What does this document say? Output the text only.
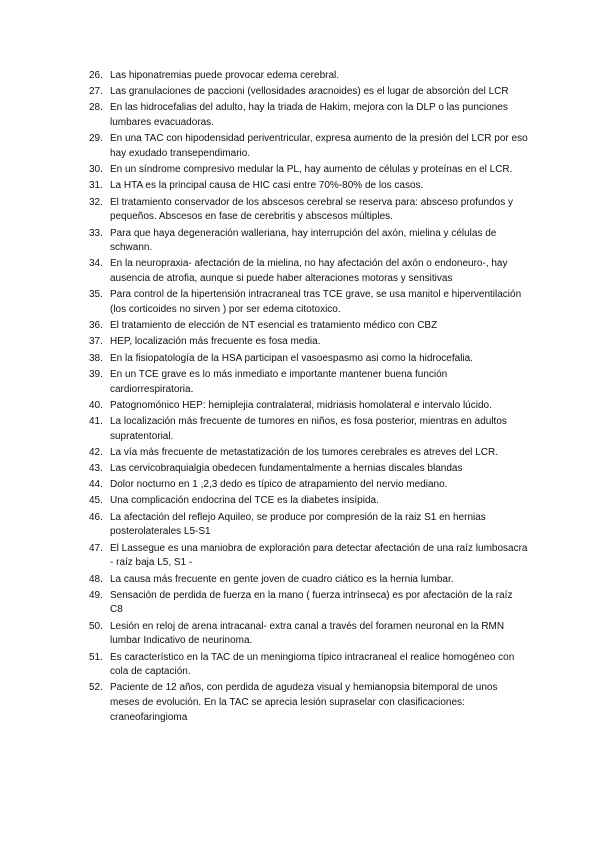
26. Las hiponatremias puede provocar edema cerebral.
27. Las granulaciones de paccioni (vellosidades aracnoides) es el lugar de absorción del LCR
28. En las hidrocefalias del adulto, hay la triada de Hakim, mejora con la DLP o las punciones lumbares evacuadoras.
29. En una TAC con hipodensidad periventricular, expresa aumento de la presión del LCR por eso hay exudado transependimario.
30. En un síndrome compresivo medular la PL, hay aumento de células y proteínas en el LCR.
31. La HTA es la principal causa de HIC casi entre 70%-80% de los casos.
32. El tratamiento conservador de los abscesos cerebral se reserva para: absceso profundos y pequeños. Abscesos en fase de cerebritis y abscesos múltiples.
33. Para que haya degeneración walleriana, hay interrupción del axón, mielina y células de schwann.
34. En la neuropraxia- afectación de la mielina, no hay afectación del axón o endoneuro-, hay ausencia de atrofia, aunque si puede haber alteraciones motoras y sensitivas
35. Para control de la hipertensión intracraneal tras TCE grave, se usa manitol e hiperventilación (los corticoides no sirven ) por ser edema citotoxico.
36. El tratamiento de elección de NT esencial es tratamiento médico con CBZ
37. HEP, localización más frecuente es fosa media.
38. En la fisiopatología de la HSA participan el vasoespasmo asi como la hidrocefalia.
39. En un TCE grave es lo más inmediato e importante mantener buena función cardiorrespiratoria.
40. Patognomónico HEP: hemiplejia contralateral, midriasis homolateral e intervalo lúcido.
41. La localización más frecuente de tumores en niños, es fosa posterior, mientras en adultos supratentorial.
42. La vía más frecuente de metastatización de los tumores cerebrales es atreves del LCR.
43. Las cervicobraquialgia obedecen fundamentalmente a hernias discales blandas
44. Dolor nocturno en 1 ,2,3 dedo es típico de atrapamiento del nervio mediano.
45. Una complicación endocrina del TCE es la diabetes insípida.
46. La afectación del reflejo Aquileo, se produce por compresión de la raiz S1 en hernias posterolaterales L5-S1
47. El Lassegue es una maniobra de exploración para detectar afectación de una raíz lumbosacra - raíz baja L5, S1 -
48. La causa más frecuente en gente joven de cuadro ciático es la hernia lumbar.
49. Sensación de perdida de fuerza en la mano ( fuerza intrínseca) es por afectación de la raíz C8
50. Lesión en reloj de arena intracanal- extra canal a través del foramen neuronal en la RMN lumbar Indicativo de neurinoma.
51. Es característico en la TAC de un meningioma típico intracraneal el realice homogéneo con cola de captación.
52. Paciente de 12 años, con perdida de agudeza visual y hemianopsia bitemporal de unos meses de evolución. En la TAC se aprecia lesión supraselar con clasificaciones: craneofaringioma
